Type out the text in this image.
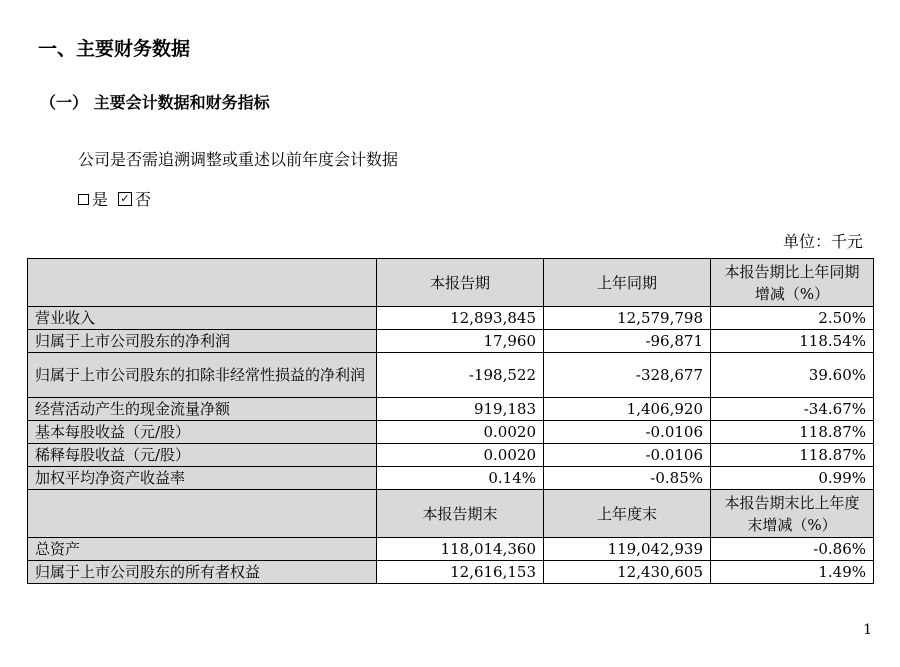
一、主要财务数据
（一） 主要会计数据和财务指标
公司是否需追溯调整或重述以前年度会计数据
是 ✓ 否
单位：千元
	本报告期	上年同期	本报告期比上年同期增减（%）
营业收入	12,893,845	12,579,798	2.50%
归属于上市公司股东的净利润	17,960	-96,871	118.54%
归属于上市公司股东的扣除非经常性损益的净利润	-198,522	-328,677	39.60%
经营活动产生的现金流量净额	919,183	1,406,920	-34.67%
基本每股收益（元/股）	0.0020	-0.0106	118.87%
稀释每股收益（元/股）	0.0020	-0.0106	118.87%
加权平均净资产收益率	0.14%	-0.85%	0.99%
	本报告期末	上年度末	本报告期末比上年度末增减（%）
总资产	118,014,360	119,042,939	-0.86%
归属于上市公司股东的所有者权益	12,616,153	12,430,605	1.49%
1
